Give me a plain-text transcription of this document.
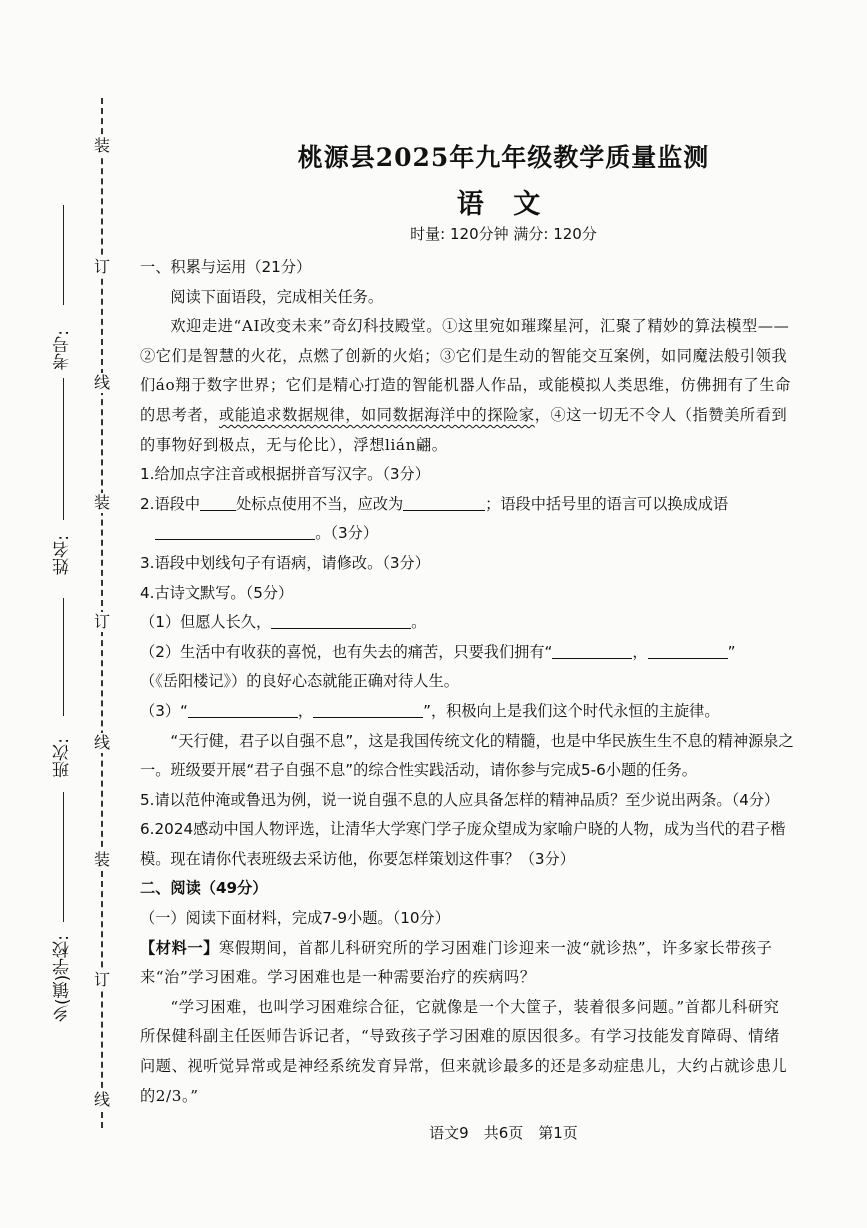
装
订
线
装
订
线
装
订
线
考号:
姓名:
班次:
乡(镇)学校:
桃源县2025年九年级教学质量监测
语 文
时量: 120分钟 满分: 120分

一、积累与运用（21分）

阅读下面语段，完成相关任务。

欢迎走进“AI改变未来”奇幻科技殿堂。①这里宛如璀璨星河，汇聚了精妙的算法模型——②它们是智慧的火花，点燃了创新的火焰；③它们是生动的智能交互案例，如同魔法般引领我们áo翔于数字世界；它们是精心打造的智能机器人作品，或能模拟人类思维，仿佛拥有了生命的思考者，或能追求数据规律，如同数据海洋中的探险家，④这一切无不令人（指赞美所看到的事物好到极点，无与伦比），浮想lián翩。

1.给加点字注音或根据拼音写汉字。（3分）

2.语段中 处标点使用不当，应改为	；语段中括号里的语言可以换成成语
 。（3分）

3.语段中划线句子有语病，请修改。（3分）

4.古诗文默写。（5分）

（1）但愿人长久，	。

（2）生活中有收获的喜悦，也有失去的痛苦，只要我们拥有“	，	”
（《岳阳楼记》）的良好心态就能正确对待人生。

（3）“	，	”，积极向上是我们这个时代永恒的主旋律。

“天行健，君子以自强不息”，这是我国传统文化的精髓，也是中华民族生生不息的精神源泉之一。班级要开展“君子自强不息”的综合性实践活动，请你参与完成5-6小题的任务。

5.请以范仲淹或鲁迅为例，说一说自强不息的人应具备怎样的精神品质？至少说出两条。（4分）

6.2024感动中国人物评选，让清华大学寒门学子庞众望成为家喻户晓的人物，成为当代的君子楷模。现在请你代表班级去采访他，你要怎样策划这件事？（3分）

二、阅读（49分）

（一）阅读下面材料，完成7-9小题。（10分）

【材料一】寒假期间，首都儿科研究所的学习困难门诊迎来一波“就诊热”，许多家长带孩子来“治”学习困难。学习困难也是一种需要治疗的疾病吗？

“学习困难，也叫学习困难综合征，它就像是一个大筐子，装着很多问题。”首都儿科研究所保健科副主任医师告诉记者，“导致孩子学习困难的原因很多。有学习技能发育障碍、情绪问题、视听觉异常或是神经系统发育异常，但来就诊最多的还是多动症患儿，大约占就诊患儿的2/3。”

语文9　共6页　第1页
